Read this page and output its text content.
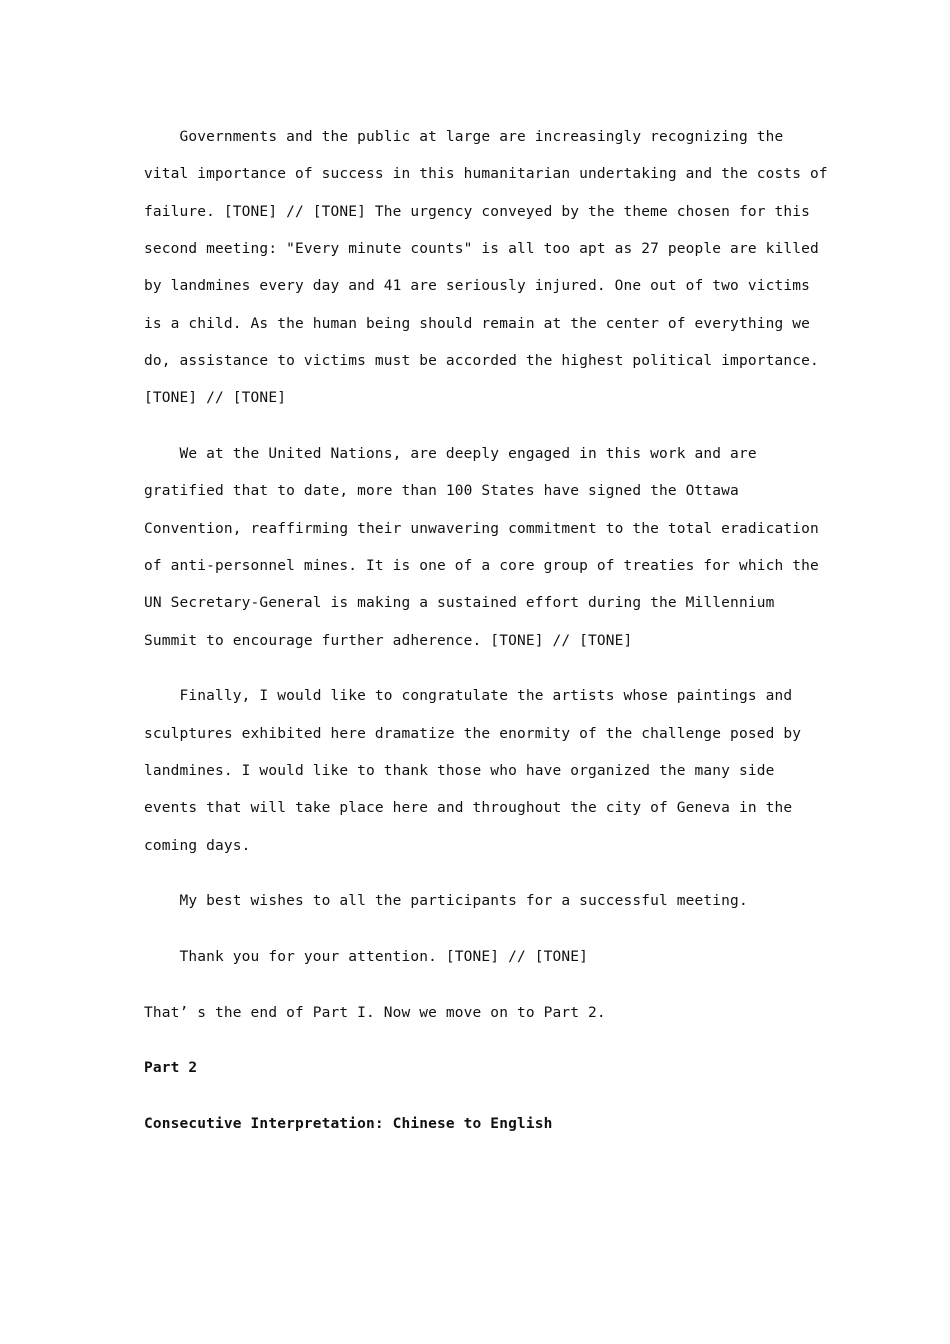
Governments and the public at large are increasingly recognizing the
vital importance of success in this humanitarian undertaking and the costs of
failure. [TONE] // [TONE] The urgency conveyed by the theme chosen for this
second meeting: "Every minute counts" is all too apt as 27 people are killed
by landmines every day and 41 are seriously injured. One out of two victims
is a child. As the human being should remain at the center of everything we
do, assistance to victims must be accorded the highest political importance.
[TONE] // [TONE]
We at the United Nations, are deeply engaged in this work and are
gratified that to date, more than 100 States have signed the Ottawa
Convention, reaffirming their unwavering commitment to the total eradication
of anti-personnel mines. It is one of a core group of treaties for which the
UN Secretary-General is making a sustained effort during the Millennium
Summit to encourage further adherence. [TONE] // [TONE]
Finally, I would like to congratulate the artists whose paintings and
sculptures exhibited here dramatize the enormity of the challenge posed by
landmines. I would like to thank those who have organized the many side
events that will take place here and throughout the city of Geneva in the
coming days.
My best wishes to all the participants for a successful meeting.
Thank you for your attention. [TONE] // [TONE]
That’ s the end of Part I. Now we move on to Part 2.
Part 2
Consecutive Interpretation: Chinese to English
